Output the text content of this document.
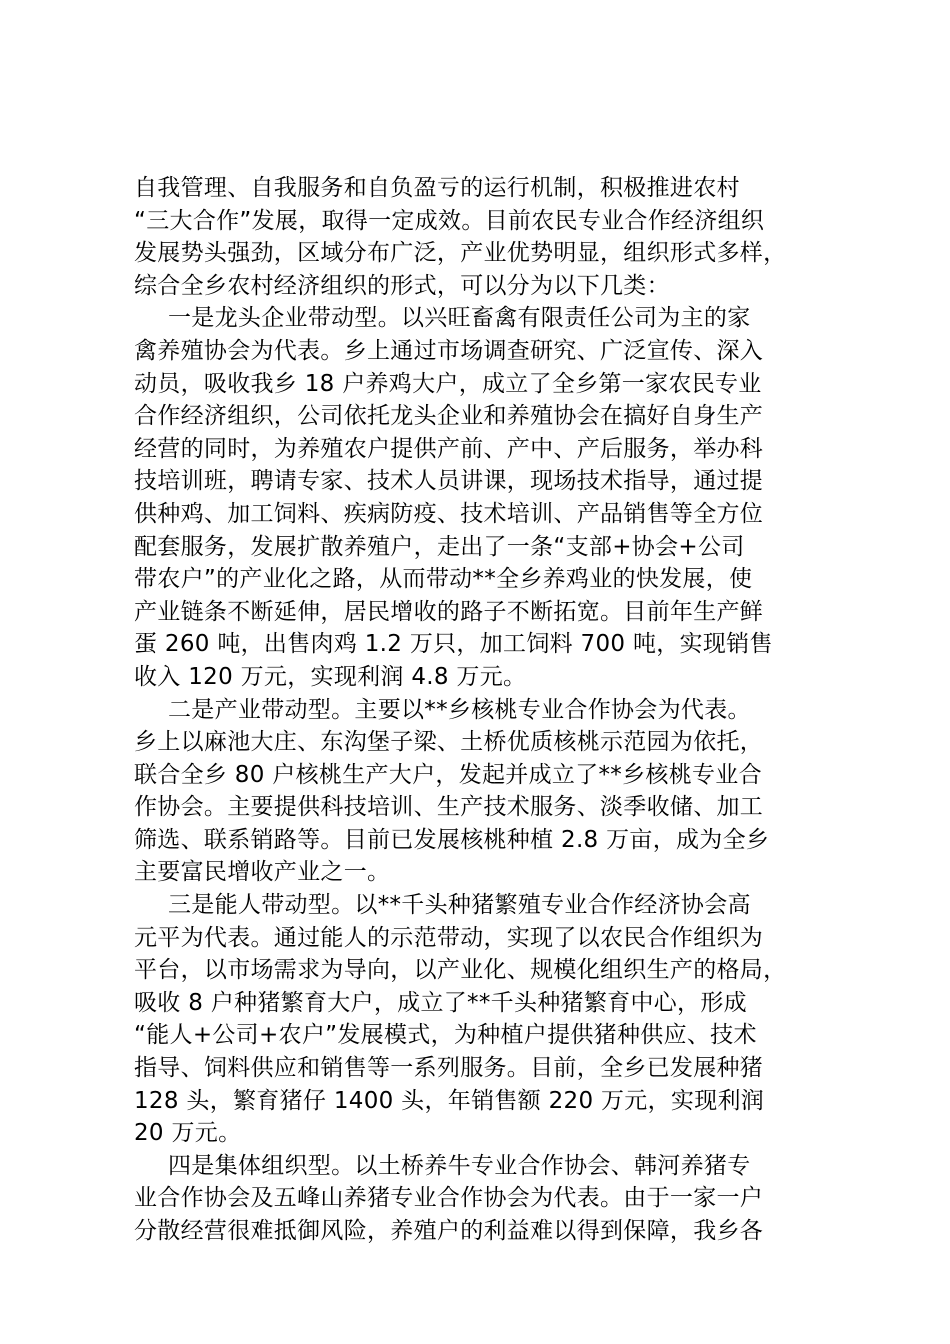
自我管理、自我服务和自负盈亏的运行机制，积极推进农村
“三大合作”发展，取得一定成效。目前农民专业合作经济组织
发展势头强劲，区域分布广泛，产业优势明显，组织形式多样，
综合全乡农村经济组织的形式，可以分为以下几类：
一是龙头企业带动型。以兴旺畜禽有限责任公司为主的家
禽养殖协会为代表。乡上通过市场调查研究、广泛宣传、深入
动员，吸收我乡 18 户养鸡大户，成立了全乡第一家农民专业
合作经济组织，公司依托龙头企业和养殖协会在搞好自身生产
经营的同时，为养殖农户提供产前、产中、产后服务，举办科
技培训班，聘请专家、技术人员讲课，现场技术指导，通过提
供种鸡、加工饲料、疾病防疫、技术培训、产品销售等全方位
配套服务，发展扩散养殖户，走出了一条“支部+协会+公司
带农户”的产业化之路，从而带动**全乡养鸡业的快发展，使
产业链条不断延伸，居民增收的路子不断拓宽。目前年生产鲜
蛋 260 吨，出售肉鸡 1.2 万只，加工饲料 700 吨，实现销售
收入 120 万元，实现利润 4.8 万元。
二是产业带动型。主要以**乡核桃专业合作协会为代表。
乡上以麻池大庄、东沟堡子梁、土桥优质核桃示范园为依托，
联合全乡 80 户核桃生产大户，发起并成立了**乡核桃专业合
作协会。主要提供科技培训、生产技术服务、淡季收储、加工
筛选、联系销路等。目前已发展核桃种植 2.8 万亩，成为全乡
主要富民增收产业之一。
三是能人带动型。以**千头种猪繁殖专业合作经济协会高
元平为代表。通过能人的示范带动，实现了以农民合作组织为
平台，以市场需求为导向，以产业化、规模化组织生产的格局，
吸收 8 户种猪繁育大户，成立了**千头种猪繁育中心，形成
“能人+公司+农户”发展模式，为种植户提供猪种供应、技术
指导、饲料供应和销售等一系列服务。目前，全乡已发展种猪
128 头，繁育猪仔 1400 头，年销售额 220 万元，实现利润
20 万元。
四是集体组织型。以土桥养牛专业合作协会、韩河养猪专
业合作协会及五峰山养猪专业合作协会为代表。由于一家一户
分散经营很难抵御风险，养殖户的利益难以得到保障，我乡各
